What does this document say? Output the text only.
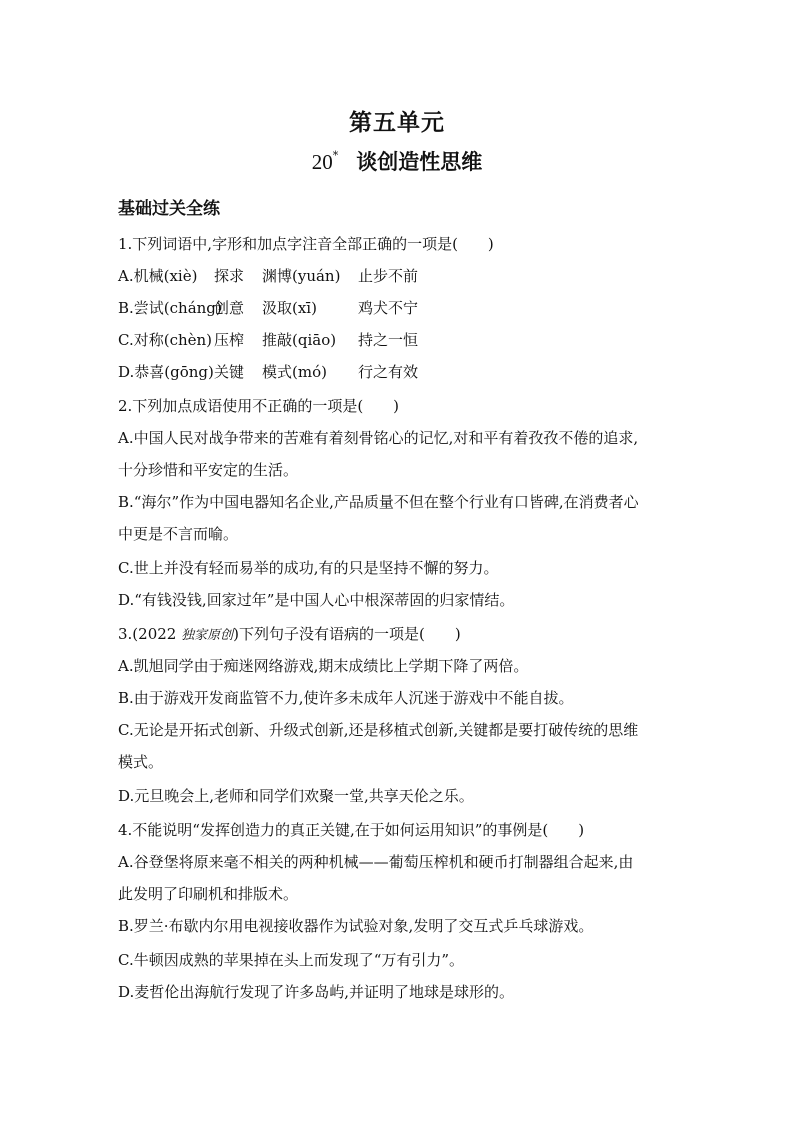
第五单元
20* 谈创造性思维
基础过关全练
1.下列词语中,字形和加点字注音全部正确的一项是(　　)
A.机械(xiè) 探求 渊博(yuán) 止步不前
B.尝试(cháng)创意 汲取(xī)	鸡犬不宁
C.对称(chèn) 压榨 推敲(qiāo) 持之一恒
D.恭喜(gōng)关键 模式(mó) 行之有效
2.下列加点成语使用不正确的一项是(　　)
A.中国人民对战争带来的苦难有着刻骨铭心的记忆,对和平有着孜孜不倦的追求,
十分珍惜和平安定的生活。
B.“海尔”作为中国电器知名企业,产品质量不但在整个行业有口皆碑,在消费者心
中更是不言而喻。
C.世上并没有轻而易举的成功,有的只是坚持不懈的努力。
D.“有钱没钱,回家过年”是中国人心中根深蒂固的归家情结。
3.(2022 独家原创)下列句子没有语病的一项是(　　)
A.凯旭同学由于痴迷网络游戏,期末成绩比上学期下降了两倍。
B.由于游戏开发商监管不力,使许多未成年人沉迷于游戏中不能自拔。
C.无论是开拓式创新、升级式创新,还是移植式创新,关键都是要打破传统的思维
模式。
D.元旦晚会上,老师和同学们欢聚一堂,共享天伦之乐。
4.不能说明“发挥创造力的真正关键,在于如何运用知识”的事例是(　　)
A.谷登堡将原来毫不相关的两种机械——葡萄压榨机和硬币打制器组合起来,由
此发明了印刷机和排版术。
B.罗兰·布歇内尔用电视接收器作为试验对象,发明了交互式乒乓球游戏。
C.牛顿因成熟的苹果掉在头上而发现了“万有引力”。
D.麦哲伦出海航行发现了许多岛屿,并证明了地球是球形的。
